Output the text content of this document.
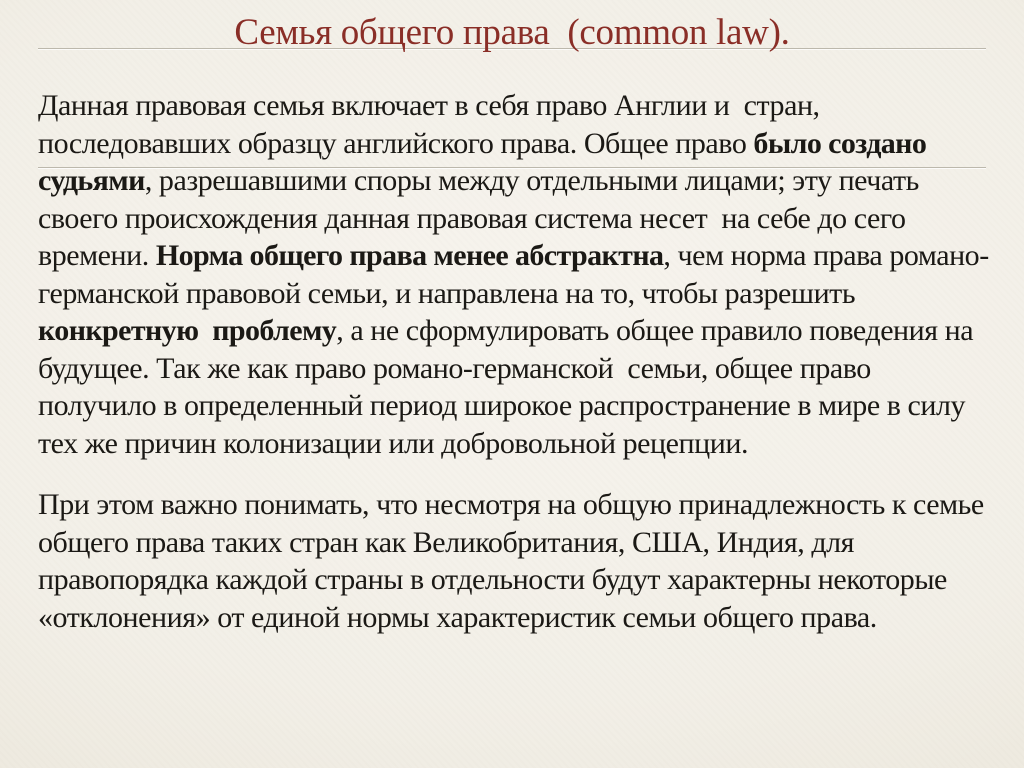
Семья общего права  (common law).

Данная правовая семья включает в себя право Англии и  стран, последовавших образцу английского права. Общее право было создано судьями, разрешавшими споры между отдельными лицами; эту печать своего происхождения данная правовая система несет  на себе до сего времени. Норма общего права менее абстрактна, чем норма права романо-германской правовой семьи, и направлена на то, чтобы разрешить конкретную  проблему, а не сформулировать общее правило поведения на будущее. Так же как право романо-германской  семьи, общее право получило в определенный период широкое распространение в мире в силу тех же причин колонизации или добровольной рецепции.

При этом важно понимать, что несмотря на общую принадлежность к семье общего права таких стран как Великобритания, США, Индия, для правопорядка каждой страны в отдельности будут характерны некоторые «отклонения» от единой нормы характеристик семьи общего права.
